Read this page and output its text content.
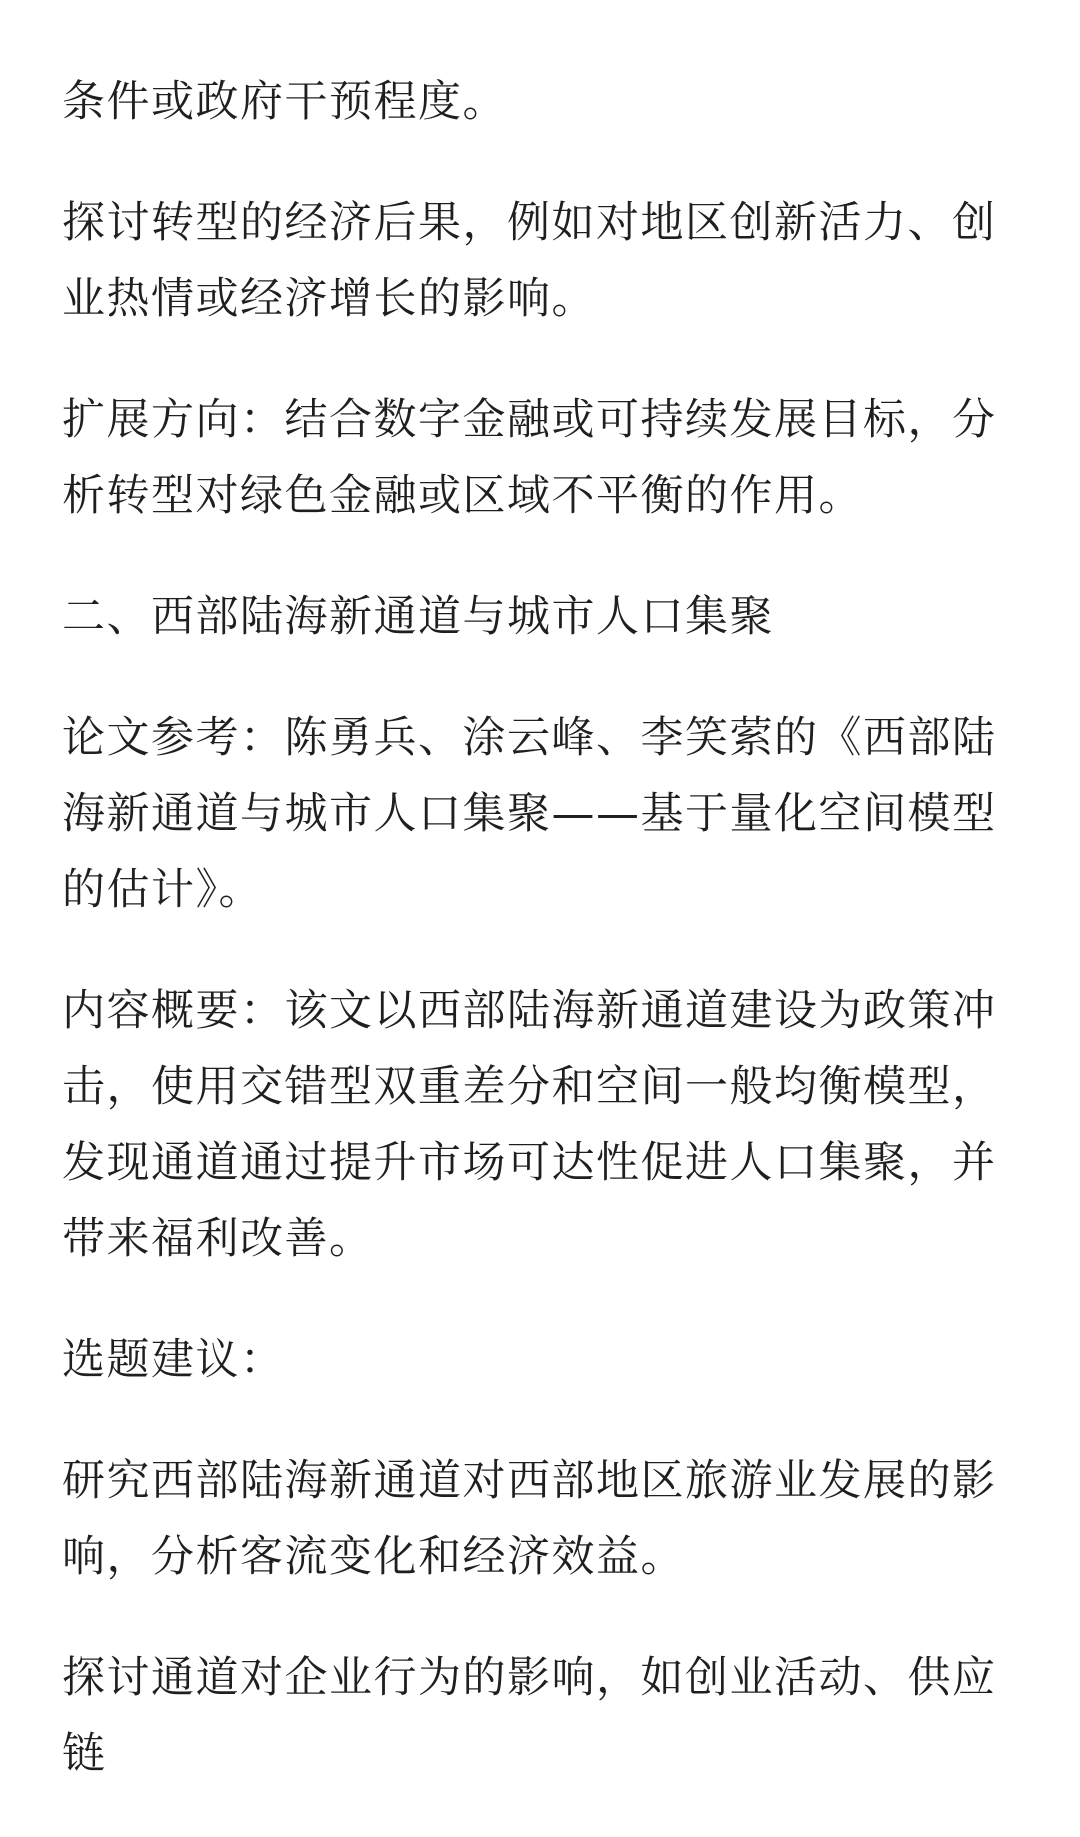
条件或政府干预程度。

探讨转型的经济后果，例如对地区创新活力、创业热情或经济增长的影响。

扩展方向：结合数字金融或可持续发展目标，分析转型对绿色金融或区域不平衡的作用。

二、西部陆海新通道与城市人口集聚

论文参考：陈勇兵、涂云峰、李笑萦的《西部陆海新通道与城市人口集聚——基于量化空间模型的估计》。

内容概要：该文以西部陆海新通道建设为政策冲击，使用交错型双重差分和空间一般均衡模型，发现通道通过提升市场可达性促进人口集聚，并带来福利改善。

选题建议：

研究西部陆海新通道对西部地区旅游业发展的影响，分析客流变化和经济效益。

探讨通道对企业行为的影响，如创业活动、供应链
